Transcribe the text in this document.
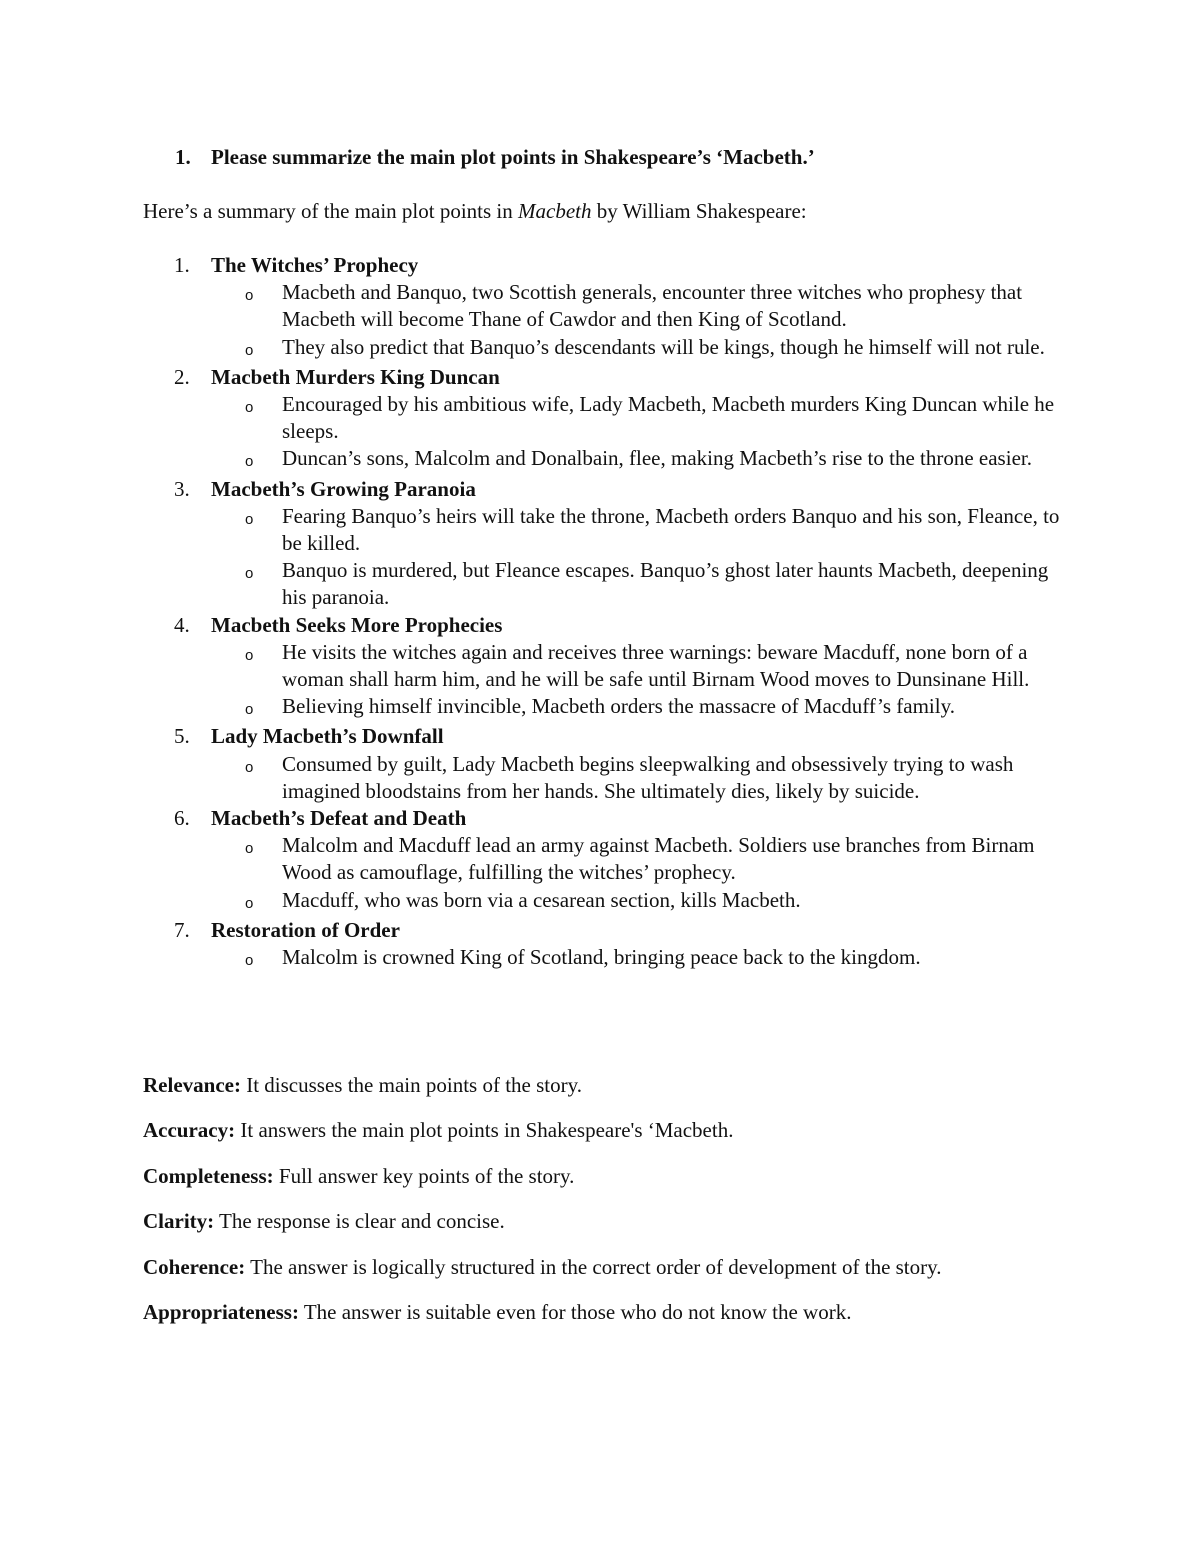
1. Please summarize the main plot points in Shakespeare’s ‘Macbeth.’
Here’s a summary of the main plot points in Macbeth by William Shakespeare:
1.	The Witches’ Prophecy
o	Macbeth and Banquo, two Scottish generals, encounter three witches who prophesy that Macbeth will become Thane of Cawdor and then King of Scotland.
o	They also predict that Banquo’s descendants will be kings, though he himself will not rule.
2.	Macbeth Murders King Duncan
o	Encouraged by his ambitious wife, Lady Macbeth, Macbeth murders King Duncan while he sleeps.
o	Duncan’s sons, Malcolm and Donalbain, flee, making Macbeth’s rise to the throne easier.
3.	Macbeth’s Growing Paranoia
o	Fearing Banquo’s heirs will take the throne, Macbeth orders Banquo and his son, Fleance, to be killed.
o	Banquo is murdered, but Fleance escapes. Banquo’s ghost later haunts Macbeth, deepening his paranoia.
4.	Macbeth Seeks More Prophecies
o	He visits the witches again and receives three warnings: beware Macduff, none born of a woman shall harm him, and he will be safe until Birnam Wood moves to Dunsinane Hill.
o	Believing himself invincible, Macbeth orders the massacre of Macduff’s family.
5.	Lady Macbeth’s Downfall
o	Consumed by guilt, Lady Macbeth begins sleepwalking and obsessively trying to wash imagined bloodstains from her hands. She ultimately dies, likely by suicide.
6.	Macbeth’s Defeat and Death
o	Malcolm and Macduff lead an army against Macbeth. Soldiers use branches from Birnam Wood as camouflage, fulfilling the witches’ prophecy.
o	Macduff, who was born via a cesarean section, kills Macbeth.
7.	Restoration of Order
o	Malcolm is crowned King of Scotland, bringing peace back to the kingdom.

Relevance: It discusses the main points of the story.

Accuracy: It answers the main plot points in Shakespeare's ‘Macbeth.

Completeness: Full answer key points of the story.

Clarity: The response is clear and concise.

Coherence: The answer is logically structured in the correct order of development of the story.

Appropriateness: The answer is suitable even for those who do not know the work.
